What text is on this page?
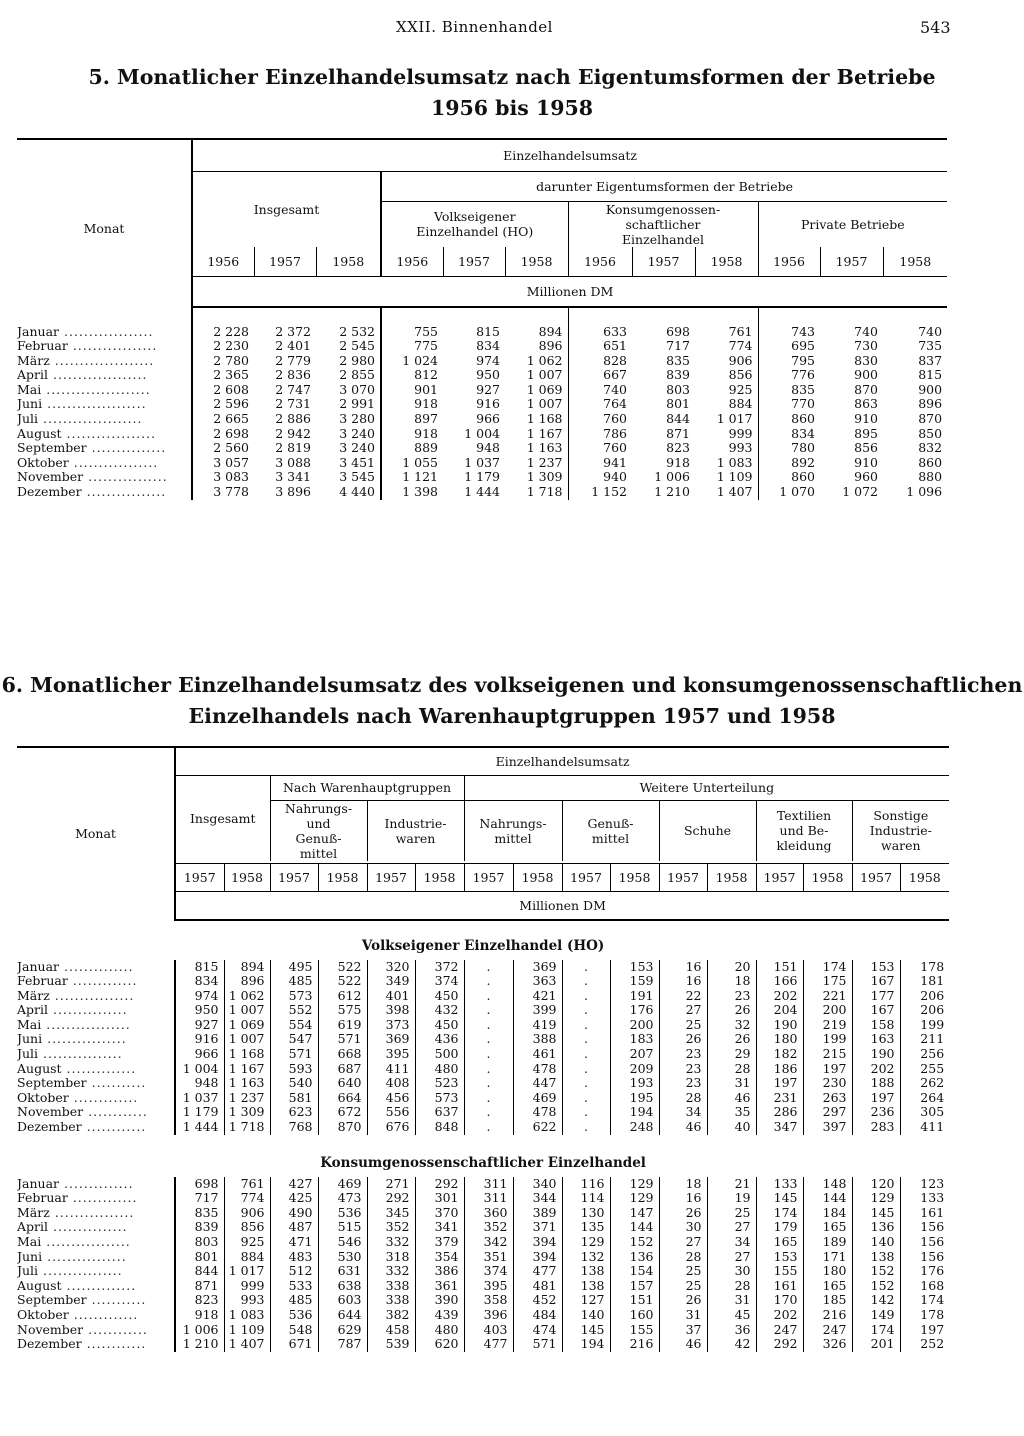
XXII. Binnenhandel	543
5. Monatlicher Einzelhandelsumsatz nach Eigentumsformen der Betriebe
1956 bis 1958
Monat	Einzelhandelsumsatz											
	Insgesamt			darunter Eigentumsformen der Betriebe								
				Volkseigener Einzelhandel (HO)			Konsumgenossen-schaftlicher Einzelhandel			Private Betriebe		
	1956	1957	1958	1956	1957	1958	1956	1957	1958	1956	1957	1958
	Millionen DM											

Januar ..................	2 228	2 372	2 532	755	815	894	633	698	761	743	740	740
Februar .................	2 230	2 401	2 545	775	834	896	651	717	774	695	730	735
März ....................	2 780	2 779	2 980	1 024	974	1 062	828	835	906	795	830	837
April ...................	2 365	2 836	2 855	812	950	1 007	667	839	856	776	900	815
Mai .....................	2 608	2 747	3 070	901	927	1 069	740	803	925	835	870	900
Juni ....................	2 596	2 731	2 991	918	916	1 007	764	801	884	770	863	896
Juli ....................	2 665	2 886	3 280	897	966	1 168	760	844	1 017	860	910	870
August ..................	2 698	2 942	3 240	918	1 004	1 167	786	871	999	834	895	850
September ...............	2 560	2 819	3 240	889	948	1 163	760	823	993	780	856	832
Oktober .................	3 057	3 088	3 451	1 055	1 037	1 237	941	918	1 083	892	910	860
November ................	3 083	3 341	3 545	1 121	1 179	1 309	940	1 006	1 109	860	960	880
Dezember ................	3 778	3 896	4 440	1 398	1 444	1 718	1 152	1 210	1 407	1 070	1 072	1 096
6. Monatlicher Einzelhandelsumsatz des volkseigenen und konsumgenossenschaftlichen
Einzelhandels nach Warenhauptgruppen 1957 und 1958
Monat	Einzelhandelsumsatz															
	Insgesamt		Nach Warenhauptgruppen				Weitere Unterteilung									
			Nahrungs- und Genuß- mittel		Industrie- waren		Nahrungs- mittel		Genuß- mittel		Schuhe		Textilien und Be- kleidung		Sonstige Industrie- waren	

	1957	1958	1957	1958	1957	1958	1957	1958	1957	1958	1957	1958	1957	1958	1957	1958
	Millionen DM															
Volkseigener Einzelhandel (HO)																
Januar ..............	815	894	495	522	320	372	.	369	.	153	16	20	151	174	153	178
Februar .............	834	896	485	522	349	374	.	363	.	159	16	18	166	175	167	181
März ................	974	1 062	573	612	401	450	.	421	.	191	22	23	202	221	177	206
April ...............	950	1 007	552	575	398	432	.	399	.	176	27	26	204	200	167	206
Mai .................	927	1 069	554	619	373	450	.	419	.	200	25	32	190	219	158	199
Juni ................	916	1 007	547	571	369	436	.	388	.	183	26	26	180	199	163	211
Juli ................	966	1 168	571	668	395	500	.	461	.	207	23	29	182	215	190	256
August ..............	1 004	1 167	593	687	411	480	.	478	.	209	23	28	186	197	202	255
September ...........	948	1 163	540	640	408	523	.	447	.	193	23	31	197	230	188	262
Oktober .............	1 037	1 237	581	664	456	573	.	469	.	195	28	46	231	263	197	264
November ............	1 179	1 309	623	672	556	637	.	478	.	194	34	35	286	297	236	305
Dezember ............	1 444	1 718	768	870	676	848	.	622	.	248	46	40	347	397	283	411
Konsumgenossenschaftlicher Einzelhandel																
Januar ..............	698	761	427	469	271	292	311	340	116	129	18	21	133	148	120	123
Februar .............	717	774	425	473	292	301	311	344	114	129	16	19	145	144	129	133
März ................	835	906	490	536	345	370	360	389	130	147	26	25	174	184	145	161
April ...............	839	856	487	515	352	341	352	371	135	144	30	27	179	165	136	156
Mai .................	803	925	471	546	332	379	342	394	129	152	27	34	165	189	140	156
Juni ................	801	884	483	530	318	354	351	394	132	136	28	27	153	171	138	156
Juli ................	844	1 017	512	631	332	386	374	477	138	154	25	30	155	180	152	176
August ..............	871	999	533	638	338	361	395	481	138	157	25	28	161	165	152	168
September ...........	823	993	485	603	338	390	358	452	127	151	26	31	170	185	142	174
Oktober .............	918	1 083	536	644	382	439	396	484	140	160	31	45	202	216	149	178
November ............	1 006	1 109	548	629	458	480	403	474	145	155	37	36	247	247	174	197
Dezember ............	1 210	1 407	671	787	539	620	477	571	194	216	46	42	292	326	201	252
